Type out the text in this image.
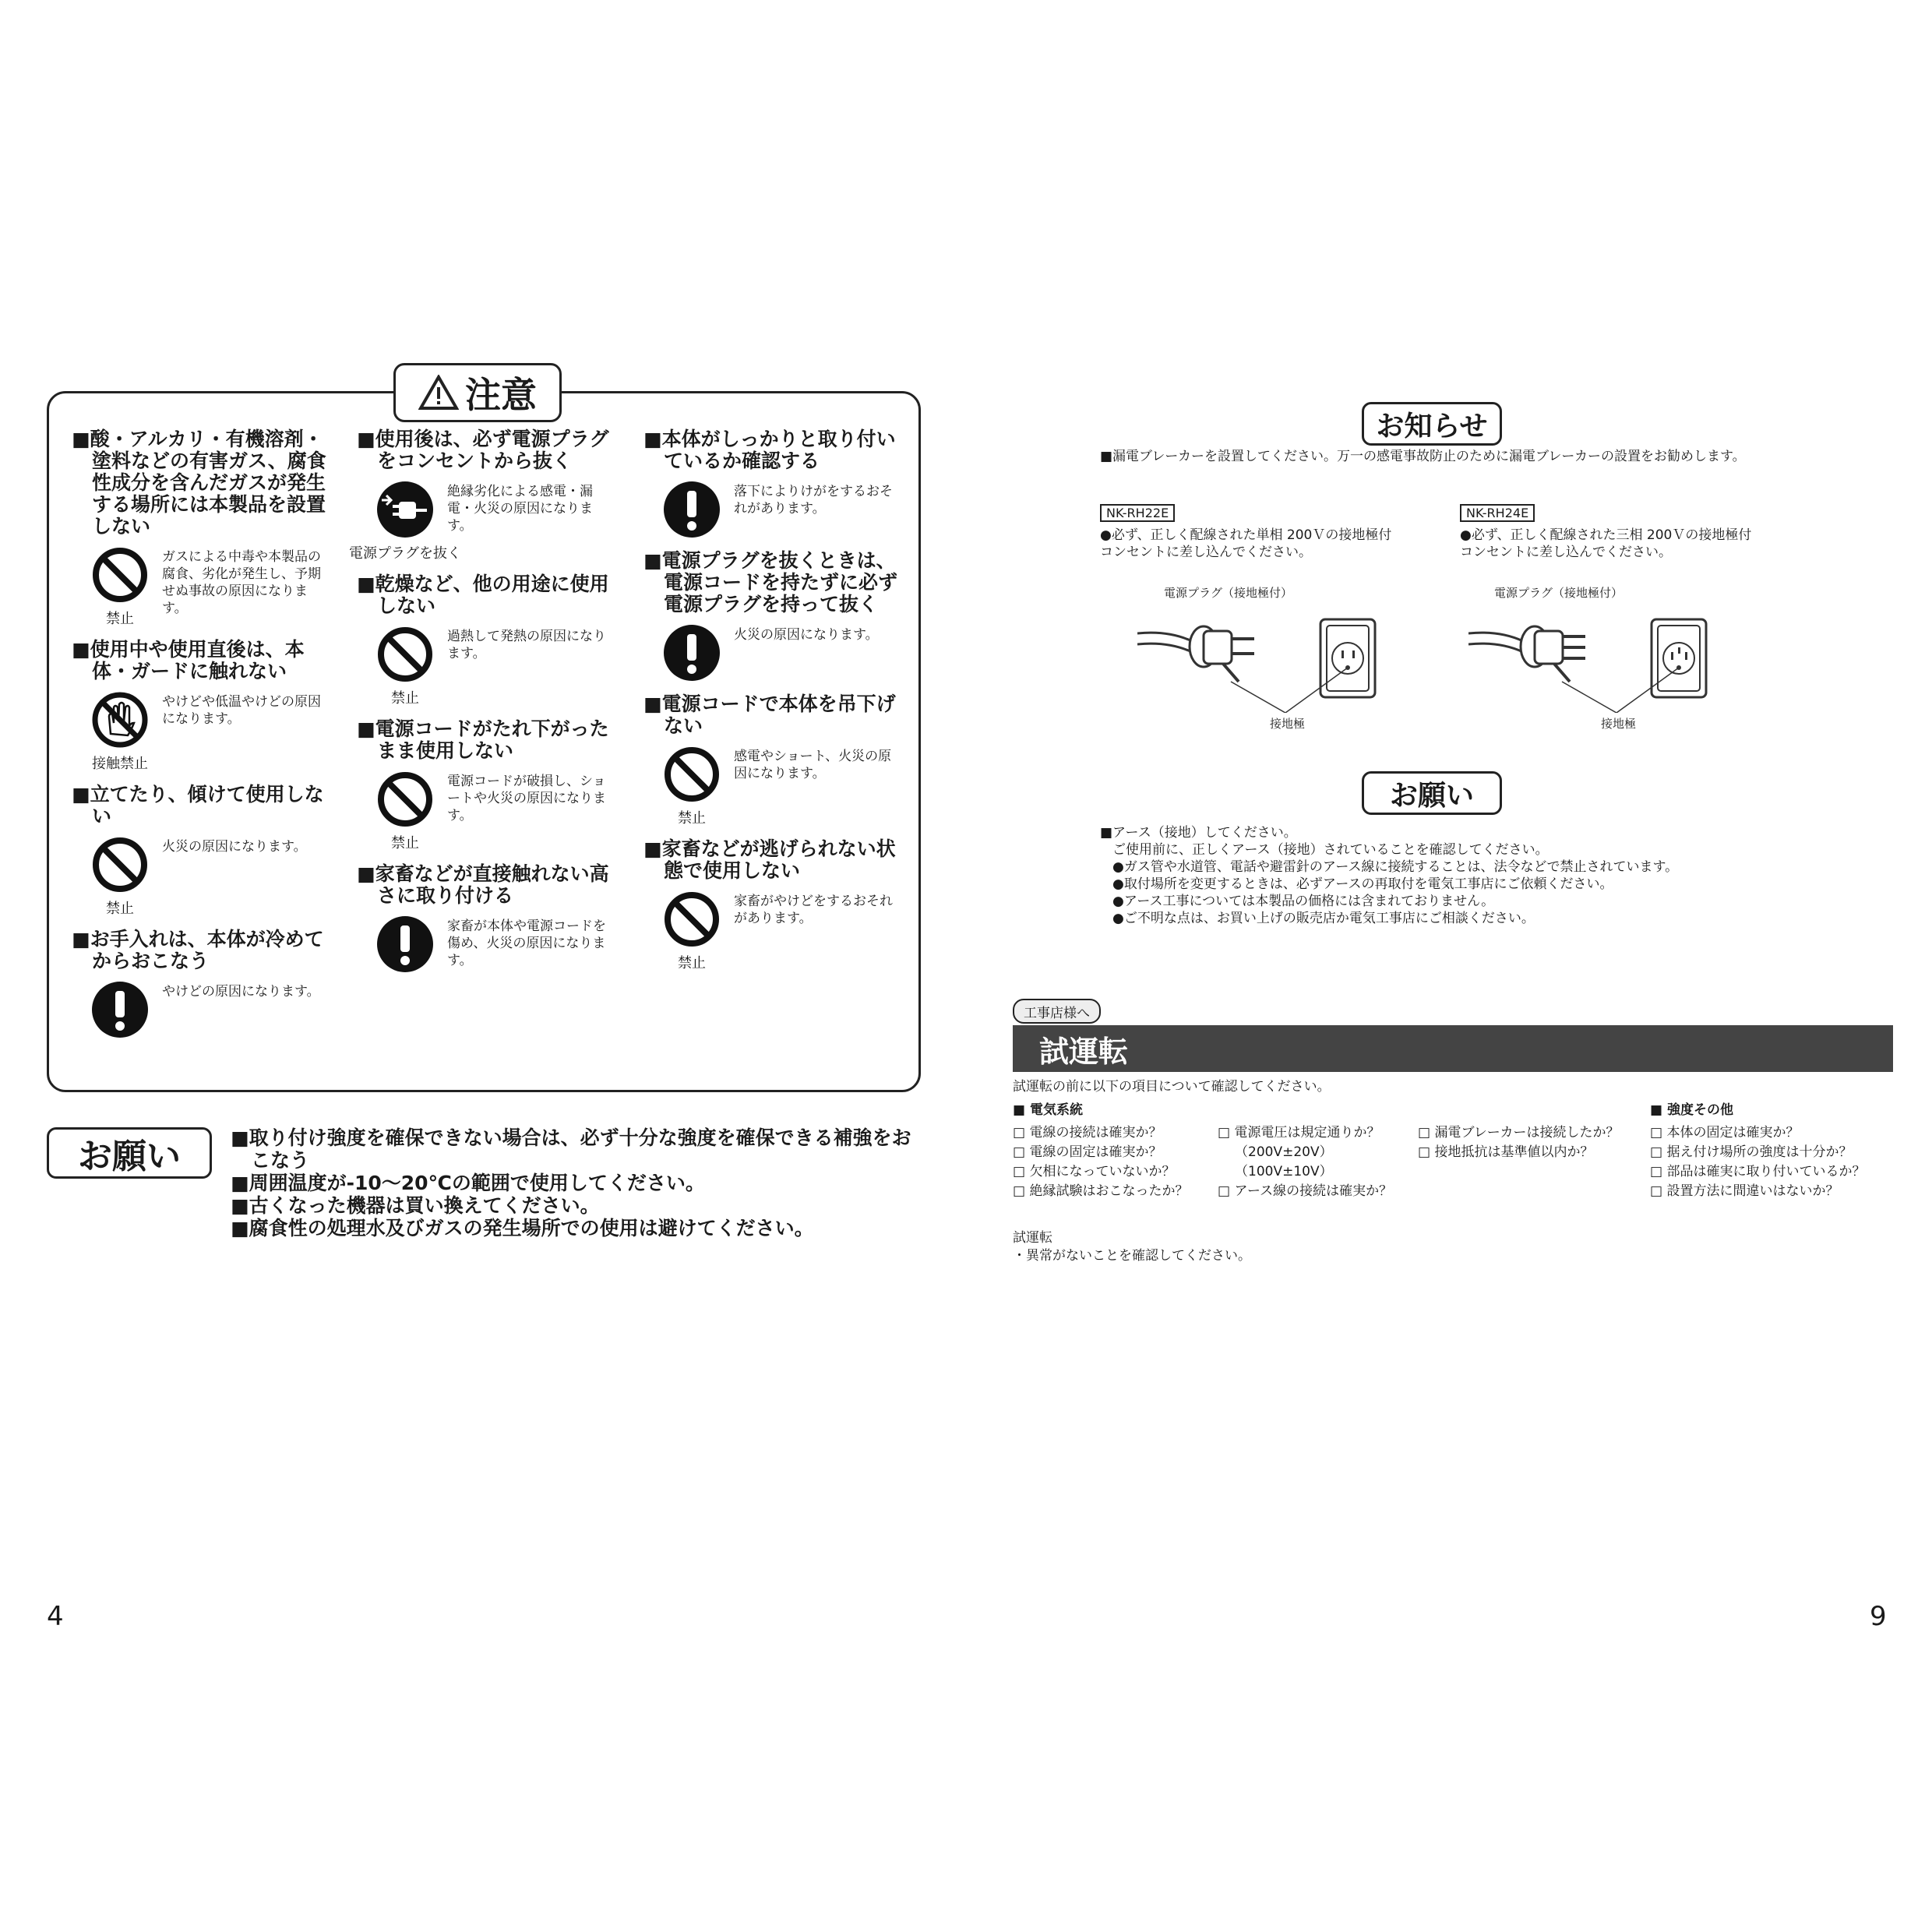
注意
■酸・アルカリ・有機溶剤・塗料などの有害ガス、腐食性成分を含んだガスが発生する場所には本製品を設置しない
禁止
ガスによる中毒や本製品の腐食、劣化が発生し、予期せぬ事故の原因になります。
■使用中や使用直後は、本体・ガードに触れない
接触禁止
やけどや低温やけどの原因になります。
■立てたり、傾けて使用しない
禁止
火災の原因になります。
■お手入れは、本体が冷めてからおこなう
やけどの原因になります。
■使用後は、必ず電源プラグをコンセントから抜く
電源プラグを抜く
絶縁劣化による感電・漏電・火災の原因になります。
■乾燥など、他の用途に使用しない
禁止
過熱して発熱の原因になります。
■電源コードがたれ下がったまま使用しない
禁止
電源コードが破損し、ショートや火災の原因になります。
■家畜などが直接触れない高さに取り付ける
家畜が本体や電源コードを傷め、火災の原因になります。
■本体がしっかりと取り付いているか確認する
落下によりけがをするおそれがあります。
■電源プラグを抜くときは、電源コードを持たずに必ず電源プラグを持って抜く
火災の原因になります。
■電源コードで本体を吊下げない
禁止
感電やショート、火災の原因になります。
■家畜などが逃げられない状態で使用しない
禁止
家畜がやけどをするおそれがあります。
お願い	■取り付け強度を確保できない場合は、必ず十分な強度を確保できる補強をおこなう
■周囲温度が-10～20℃の範囲で使用してください。
■古くなった機器は買い換えてください。
■腐食性の処理水及びガスの発生場所での使用は避けてください。
4
お知らせ
■漏電ブレーカーを設置してください。万一の感電事故防止のために漏電ブレーカーの設置をお勧めします。
NK-RH22E
●必ず、正しく配線された単相 200Ｖの接地極付コンセントに差し込んでください。
電源プラグ（接地極付）
接地極
NK-RH24E
●必ず、正しく配線された三相 200Ｖの接地極付コンセントに差し込んでください。
電源プラグ（接地極付）
接地極
お願い
■アース（接地）してください。
ご使用前に、正しくアース（接地）されていることを確認してください。
●ガス管や水道管、電話や避雷針のアース線に接続することは、法令などで禁止されています。
●取付場所を変更するときは、必ずアースの再取付を電気工事店にご依頼ください。
●アース工事については本製品の価格には含まれておりません。
●ご不明な点は、お買い上げの販売店か電気工事店にご相談ください。
工事店様へ
試運転
試運転の前に以下の項目について確認してください。
■ 電気系統	■ 強度その他
□ 電線の接続は確実か？
□ 電線の固定は確実か？
□ 欠相になっていないか？
□ 絶縁試験はおこなったか？
□ 電源電圧は規定通りか？
（200V±20V）
（100V±10V）
□ アース線の接続は確実か？
□ 漏電ブレーカーは接続したか？
□ 接地抵抗は基準値以内か？
□ 本体の固定は確実か？
□ 据え付け場所の強度は十分か？
□ 部品は確実に取り付いているか？
□ 設置方法に間違いはないか？
試運転
・異常がないことを確認してください。
9
